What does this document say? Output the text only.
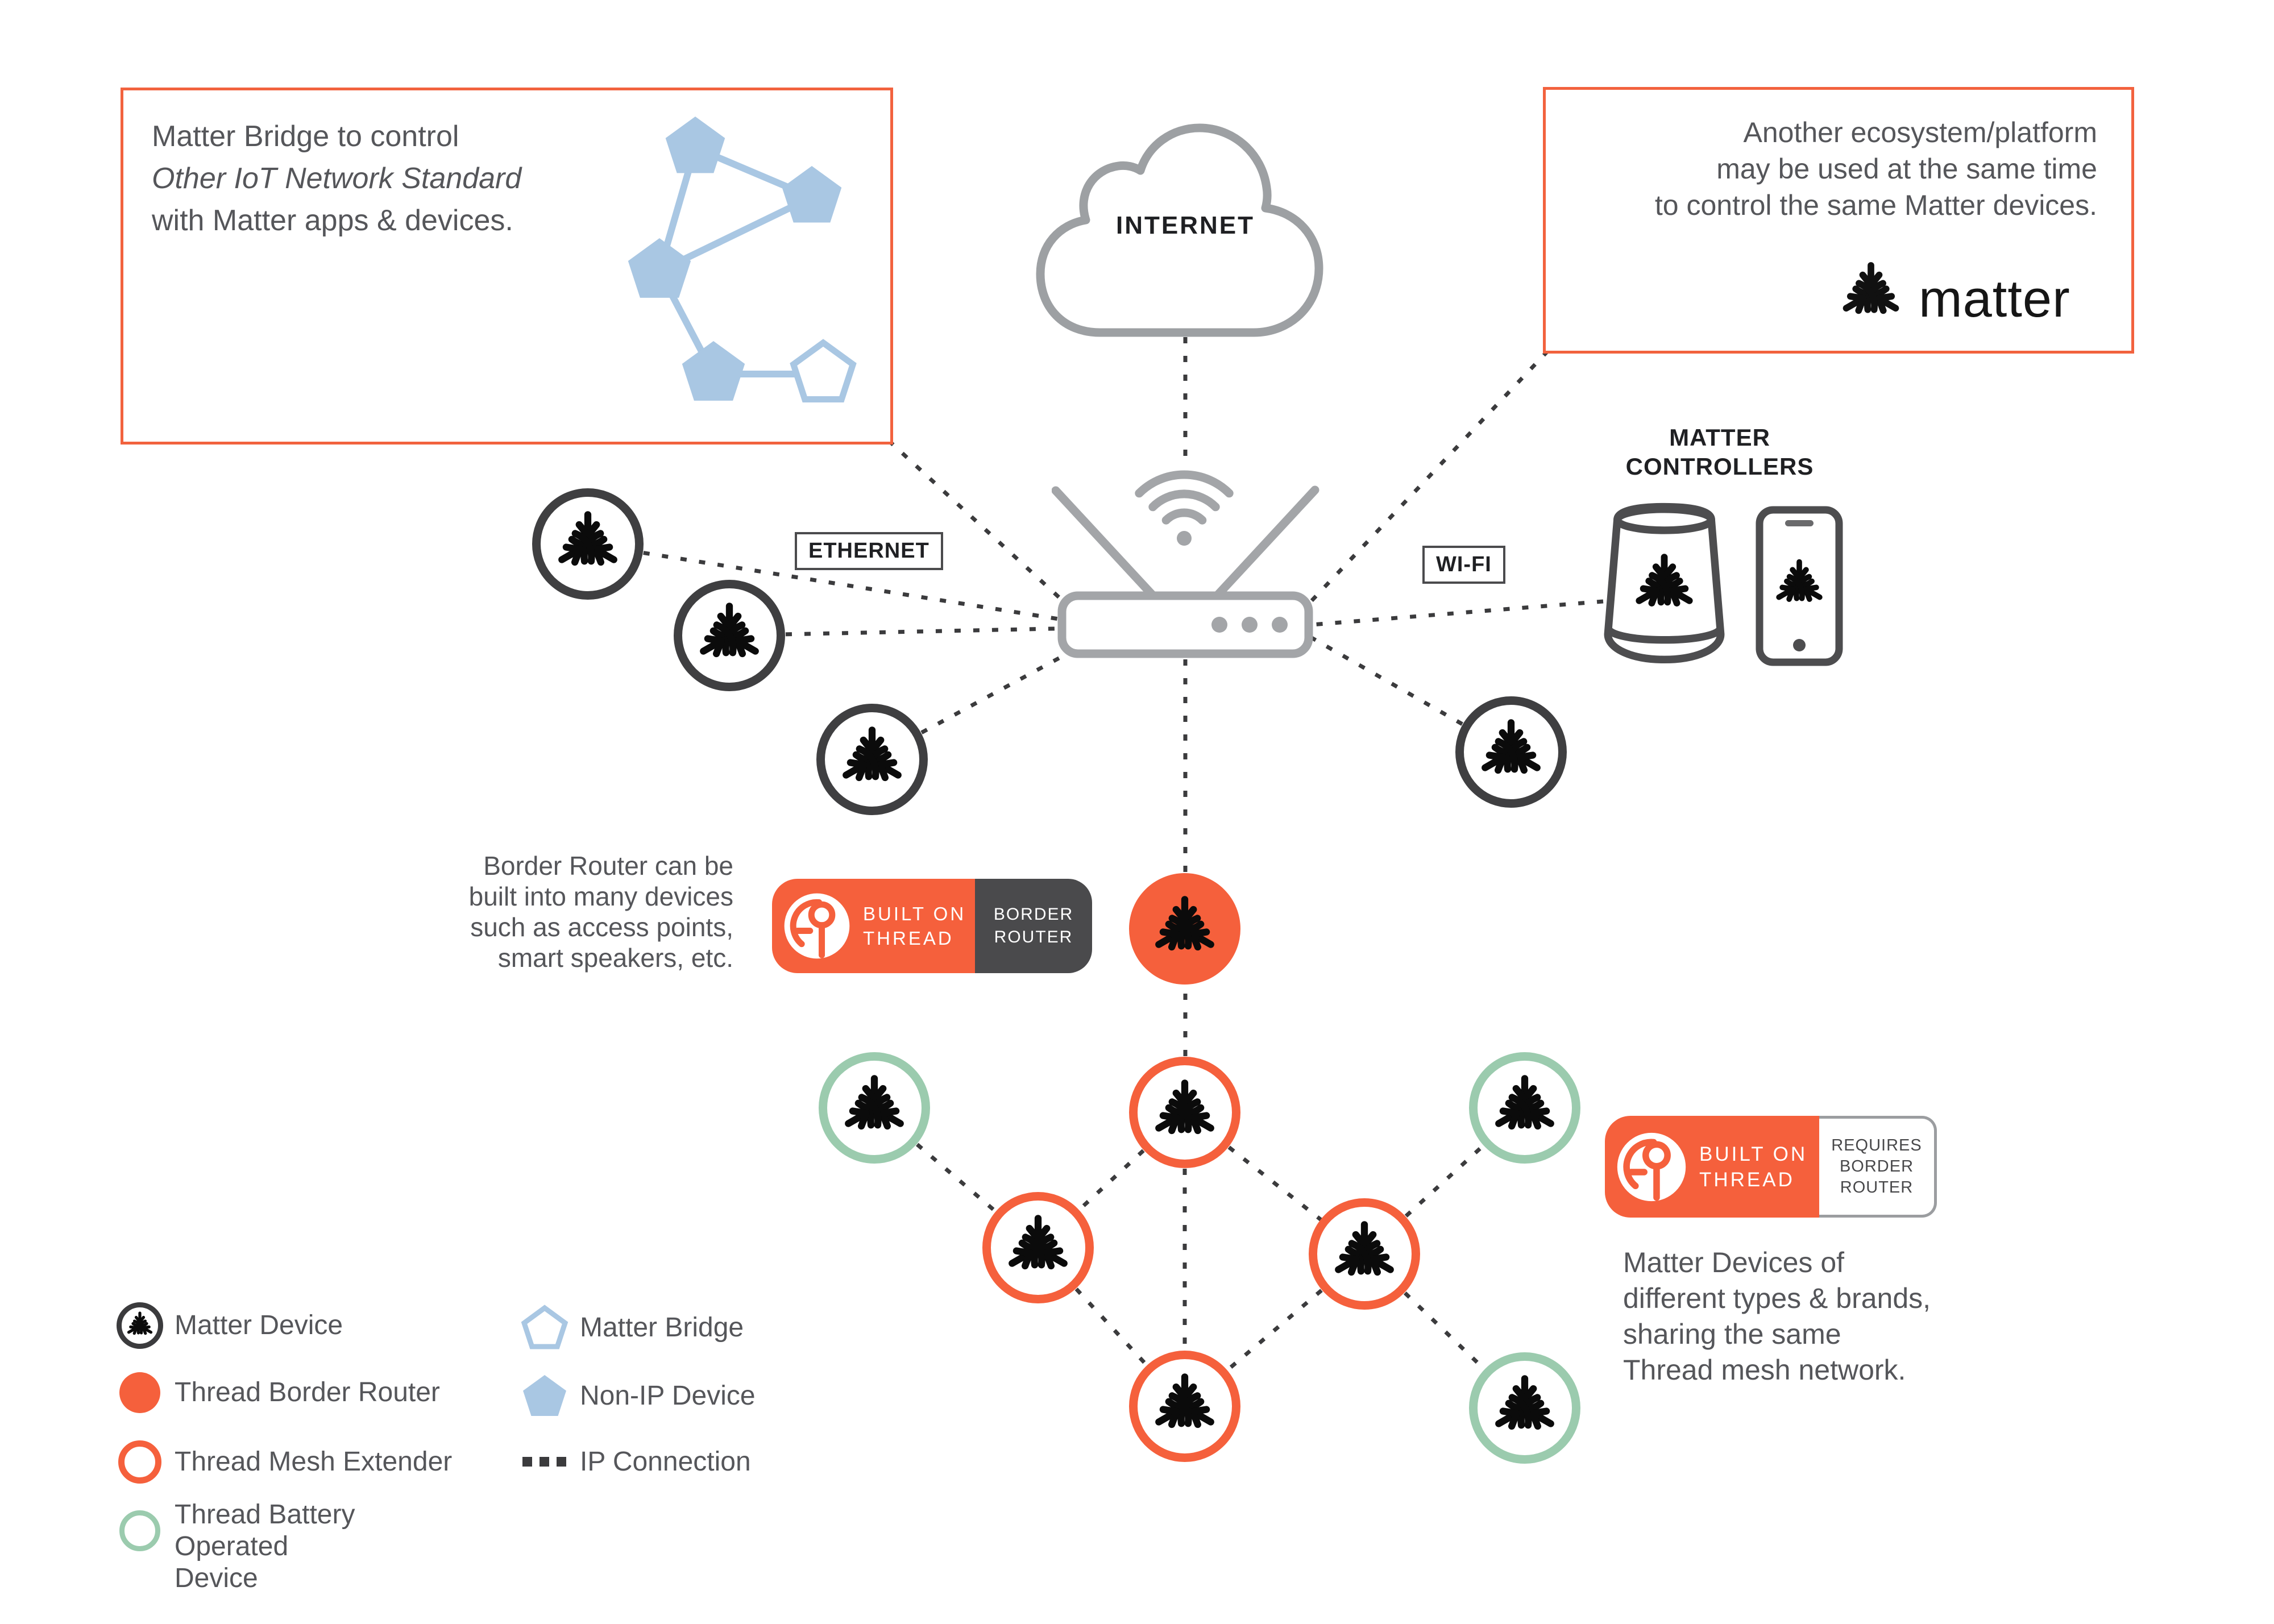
Matter Bridge to control
Other IoT Network Standard
with Matter apps & devices.
Another ecosystem/platform
may be used at the same time
to control the same Matter devices.
matter
INTERNET
ETHERNET
WI-FI
MATTER
CONTROLLERS
Border Router can be
built into many devices
such as access points,
smart speakers, etc.
BUILT ON
THREAD
BORDER
ROUTER
BUILT ON
THREAD
REQUIRES
BORDER
ROUTER
Matter Devices of
different types & brands,
sharing the same
Thread mesh network.
Matter Device
Thread Border Router
Thread Mesh Extender
Thread Battery Operated Device
Matter Bridge
Non-IP Device
IP Connection
